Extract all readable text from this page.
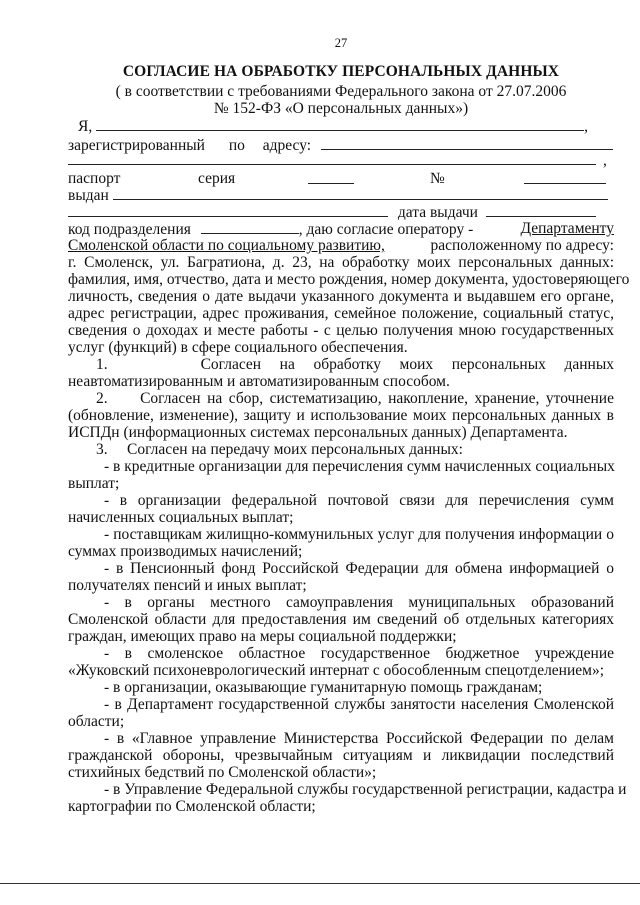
27
СОГЛАСИЕ НА ОБРАБОТКУ ПЕРСОНАЛЬНЫХ ДАННЫХ
( в соответствии с требованиями Федерального закона от 27.07.2006
№ 152-ФЗ «О персональных данных»)
Я,	,
зарегистрированный по адресу:
,
паспорт	серия	№
выдан
дата выдачи
код подразделения	, даю согласие оператору -	Департаменту
Смоленской области по социальному развитию,	расположенному по адресу:
г. Смоленск, ул. Багратиона, д. 23, на обработку моих персональных данных:
фамилия, имя, отчество, дата и место рождения, номер документа, удостоверяющего
личность, сведения о дате выдачи указанного документа и выдавшем его органе,
адрес регистрации, адрес проживания, семейное положение, социальный статус,
сведения о доходах и месте работы - с целью получения мною государственных
услуг (функций) в сфере социального обеспечения.
1.     Согласен на обработку моих персональных данных
неавтоматизированным и автоматизированным способом.
2.     Согласен на сбор, систематизацию, накопление, хранение, уточнение
(обновление, изменение), защиту и использование моих персональных данных в
ИСПДн (информационных системах персональных данных) Департамента.
3.     Согласен на передачу моих персональных данных:
- в кредитные организации для перечисления сумм начисленных социальных
выплат;
- в организации федеральной почтовой связи для перечисления сумм
начисленных социальных выплат;
- поставщикам жилищно-коммунильных услуг для получения информации о
суммах производимых начислений;
- в Пенсионный фонд Российской Федерации для обмена информацией о
получателях пенсий и иных выплат;
- в органы местного самоуправления муниципальных образований
Смоленской области для предоставления им сведений об отдельных категориях
граждан, имеющих право на меры социальной поддержки;
- в смоленское областное государственное бюджетное учреждение
«Жуковский психоневрологический интернат с обособленным спецотделением»;
- в организации, оказывающие гуманитарную помощь гражданам;
- в Департамент государственной службы занятости населения Смоленской
области;
- в «Главное управление Министерства Российской Федерации по делам
гражданской обороны, чрезвычайным ситуациям и ликвидации последствий
стихийных бедствий по Смоленской области»;
- в Управление Федеральной службы государственной регистрации, кадастра и
картографии по Смоленской области;
